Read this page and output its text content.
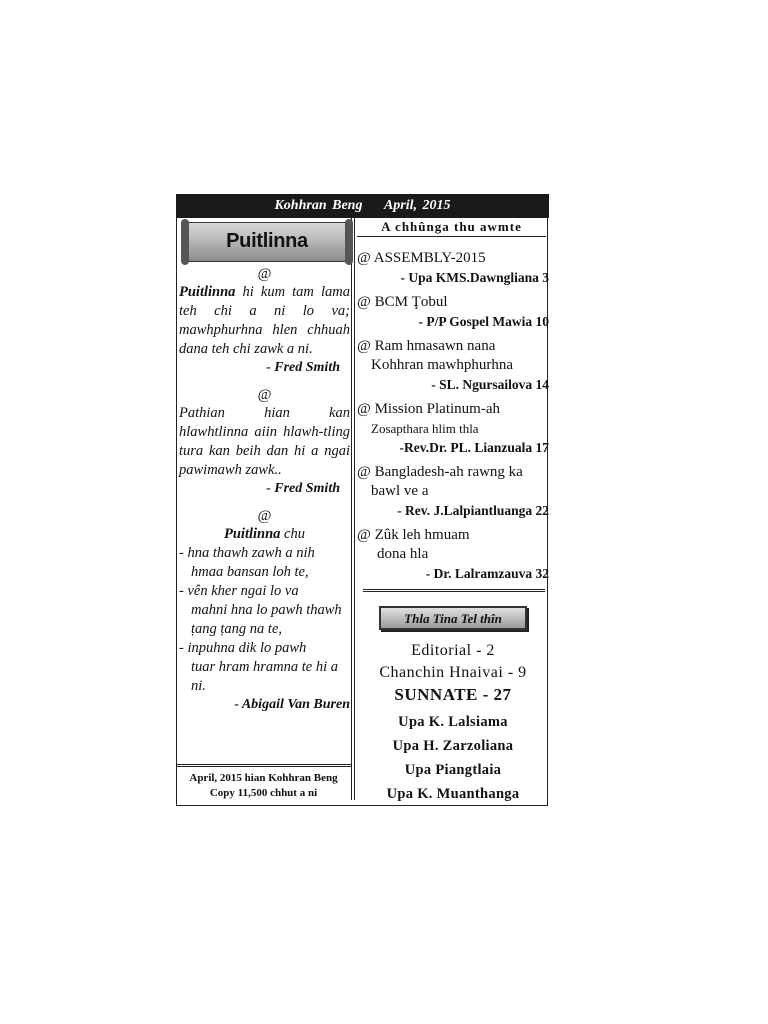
Kohhran Beng April, 2015
Puitlinna

@

Puitlinna hi kum tam lama teh chi a ni lo va; mawhphurhna hlen chhuah dana teh chi zawk a ni.

- Fred Smith

@

Pathian hian kan hlawhtlinna aiin hlawh-tling tura kan beih dan hi a ngai pawimawh zawk..

- Fred Smith

@

Puitlinna chu

- hna thawh zawh a nih
hmaa bansan loh te,
- vên kher ngai lo va
mahni hna lo pawh thawh ṭang ṭang na te,
- inpuhna dik lo pawh
tuar hram hramna te hi a ni.
- Abigail Van Buren
April, 2015 hian Kohhran Beng
Copy 11,500 chhut a ni
A chhûnga thu awmte
@ ASSEMBLY-2015
- Upa KMS.Dawngliana 3
@ BCM Ţobul
- P/P Gospel Mawia 10
@ Ram hmasawn nana
Kohhran mawhphurhna
- SL. Ngursailova 14
@ Mission Platinum-ah
Zosapthara hlim thla
-Rev.Dr. PL. Lianzuala 17
@ Bangladesh-ah rawng ka
bawl ve a
- Rev. J.Lalpiantluanga 22
@ Zûk leh hmuam
dona hla
- Dr. Lalramzauva 32
Thla Tina Tel thîn
Editorial - 2
Chanchin Hnaivai - 9
SUNNATE - 27
Upa K. Lalsiama
Upa H. Zarzoliana
Upa Piangtlaia
Upa K. Muanthanga
